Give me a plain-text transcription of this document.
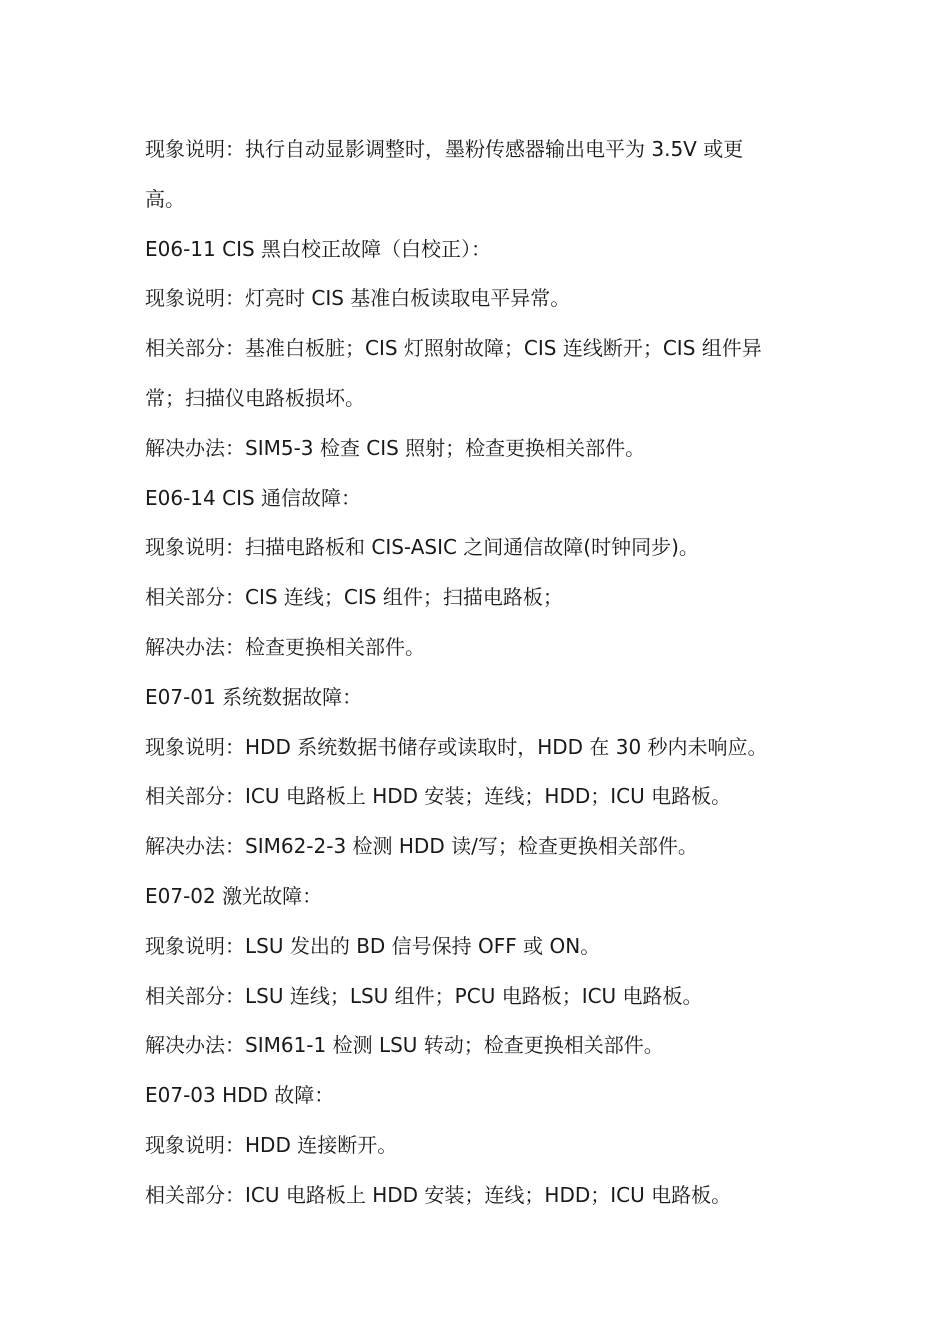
现象说明：执行自动显影调整时，墨粉传感器输出电平为 3.5V 或更
高。
E06-11 CIS 黑白校正故障（白校正）：
现象说明：灯亮时 CIS 基准白板读取电平异常。
相关部分：基准白板脏；CIS 灯照射故障；CIS 连线断开；CIS 组件异
常；扫描仪电路板损坏。
解决办法：SIM5-3 检查 CIS 照射；检查更换相关部件。
E06-14 CIS 通信故障：
现象说明：扫描电路板和 CIS-ASIC 之间通信故障(时钟同步)。
相关部分：CIS 连线；CIS 组件；扫描电路板；
解决办法：检查更换相关部件。
E07-01 系统数据故障：
现象说明：HDD 系统数据书储存或读取时，HDD 在 30 秒内未响应。
相关部分：ICU 电路板上 HDD 安装；连线；HDD；ICU 电路板。
解决办法：SIM62-2-3 检测 HDD 读/写；检查更换相关部件。
E07-02 激光故障：
现象说明：LSU 发出的 BD 信号保持 OFF 或 ON。
相关部分：LSU 连线；LSU 组件；PCU 电路板；ICU 电路板。
解决办法：SIM61-1 检测 LSU 转动；检查更换相关部件。
E07-03 HDD 故障：
现象说明：HDD 连接断开。
相关部分：ICU 电路板上 HDD 安装；连线；HDD；ICU 电路板。
